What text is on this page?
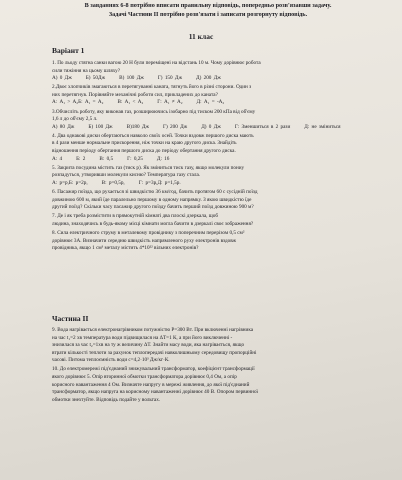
В завданнях 6-8 потрібно вписати правильну відповідь, попередньо розв'язавши задачу.
Задачі Частини II потрібно розв'язати і записати розгорнуту відповідь.
11 клас
Варіант 1
1. По льоду стягна санки вагою 20 Н були переміщені на відстань 10 м. Чому дорівнює робота
сили тяжіння на цьому шляху?
А) 0 Дж	Б) 50Дж	В) 100 Дж	Г) 150 Дж	Д) 200 Дж
2.Двоє хлопчиків змагаються в перетягуванні каната, тягнуть його в різні сторони. Один з
них перетягнув. Порівняйте механічні роботи сил, прикладених до каната?
А: А₁ > А₂Б: А₁ = А₂	В: А₁ < А₂	Г: А₁ ≠ А₂	Д: А₁ = -А₂
3.Обчисліть роботу, яку виконав газ, розширюючись ізобарно під тиском 200 кПа від об'єму
1,6 л до об'єму 2,5 л.
А) 80 Дж	Б) 100 Дж	В)180 Дж	Г) 200 Дж	Д) 0 Дж	Г: Зменшиться в 2 рази	Д: не зміниться
4. Два однакові диски обертаються навколо своїх осей. Точки вздовж першого диска мають
в 4 рази менше нормальне прискорення, ніж точки на краю другого диска. Знайдіть
відношення періоду обертання першого диска до періоду обертання другого диска.
А: 4	Б: 2	В: 0,5	Г: 0,25	Д: 16
5. Закрита посудина містить газ (тиск p). Як зміниться тиск газу, якщо молекули пониу
розпадуться, утворивши молекули кисню? Температура газу стала.
А: p=p,Б: p=2p,	В: p=0,5p,	Г: p=3p,Д: p=1,5p.
6. Пасажир поїзда, що рухається зі швидкістю 36 км/год, бачить протягом 60 с сусідній поїзд
довжиною 600 м, який їде паралельно першому в одному напрямку. З якою швидкістю їде
другий поїзд? Скільки часу пасажир другого поїзду бачить перший поїзд довжиною 900 м?
7. Де і як треба розмістити в прямокутній кімнаті два плоскі дзеркала, щоб
людина, знаходячись в будь-якому місці кімнати могла бачити в дзеркалі своє зображення?
8. Сила електричного струму в металевому провіднику з поперечним перерізом 0,5 см²
дорівнює 3А. Визначити середню швидкість напрямленого руху електронів вздовж
провідника, якщо 1 см³ металу містить 4*10²² вільних електронів?
Частина II
9. Вода нагрівається електронагрівником потужністю P=300 Вт. При включенні нагрівника
на час t₁=2 хв температура води підвищилася на ΔT=1 К, а при його виключенні -
знизилася за час t₂=1хв на ту ж величину ΔT. Знайти масу води, яка нагрівається, якщо
втрати кількості теплоти за рахунок теплопередачі навколишньому середовищу пропорційні
часові. Питома теплоємність води c=4,2·10³ Дж/кг·К.
10. До електромережі під'єднаний знижувальний трансформатор, коефіцієнт трансформації
якого дорівнює 5. Опір вторинної обмотки трансформатора дорівнює 0,4 Ом, а опір
корисного навантаження 4 Ом. Визначте напругу в мережі живлення, до якої під'єднаний
трансформатор, якщо напруга на корисному навантаженні дорівнює 40 В. Опором первинної
обмотки знехтуйте. Відповідь подайте у вольтах.
